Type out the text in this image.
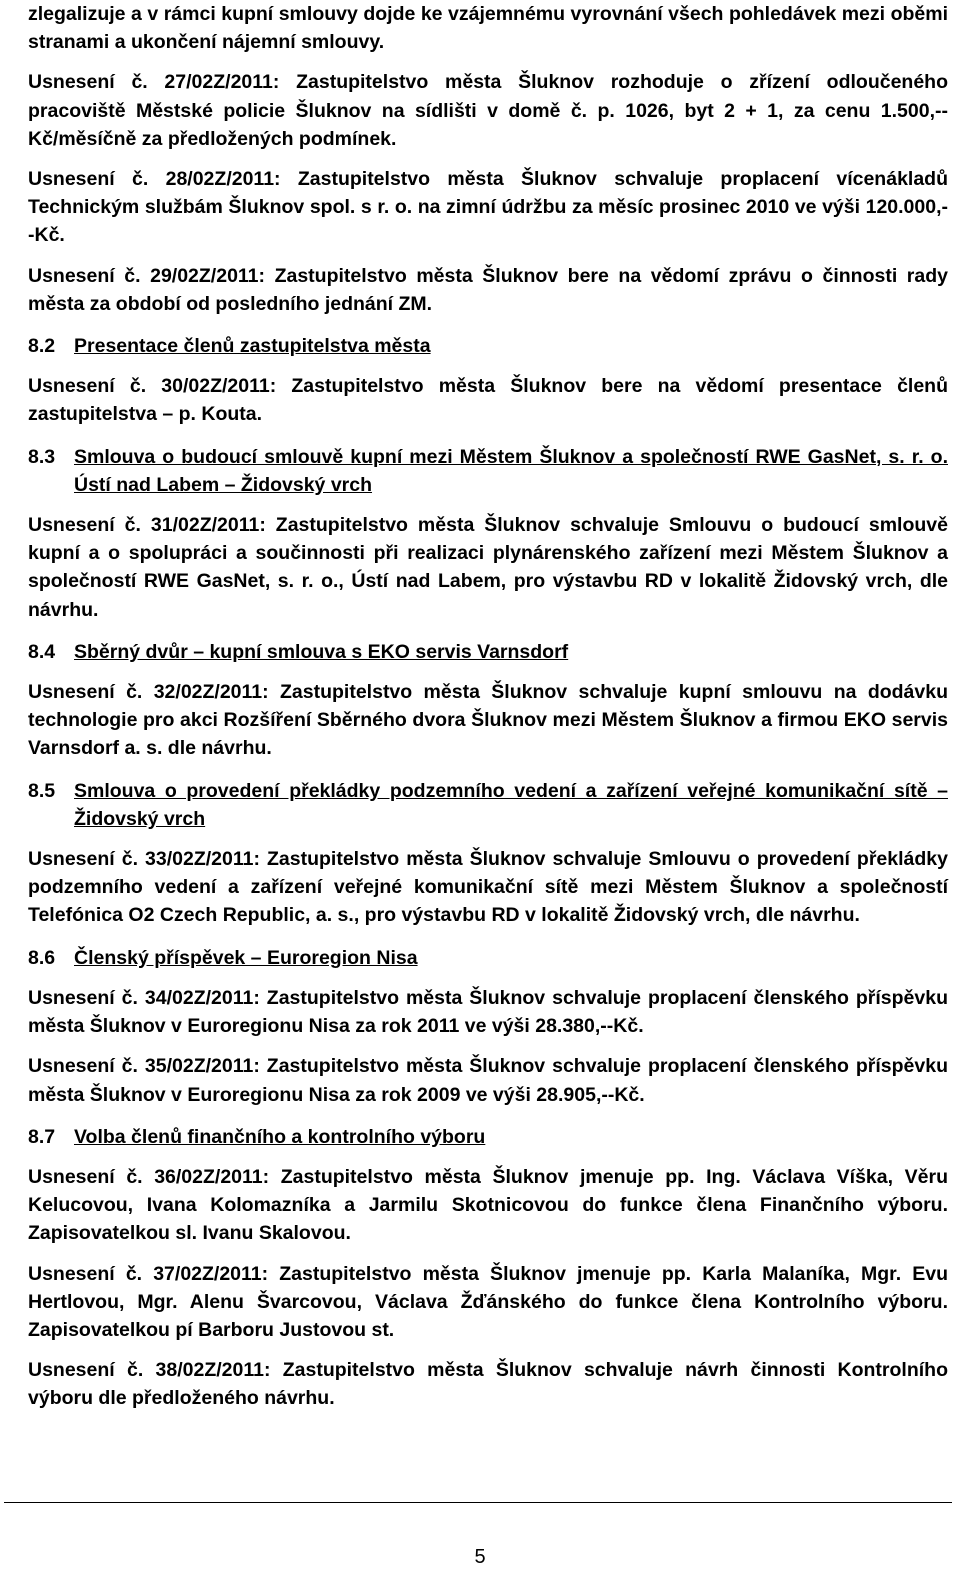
zlegalizuje a v rámci kupní smlouvy dojde ke vzájemnému vyrovnání všech pohledávek mezi oběmi stranami a ukončení nájemní smlouvy.

Usnesení č. 27/02Z/2011: Zastupitelstvo města Šluknov rozhoduje o zřízení odloučeného pracoviště Městské policie Šluknov na sídlišti v domě č. p. 1026, byt 2 + 1, za cenu 1.500,--Kč/měsíčně za předložených podmínek.

Usnesení č. 28/02Z/2011: Zastupitelstvo města Šluknov schvaluje proplacení vícenákladů Technickým službám Šluknov spol. s r. o. na zimní údržbu za měsíc prosinec 2010 ve výši 120.000,--Kč.

Usnesení č. 29/02Z/2011: Zastupitelstvo města Šluknov bere na vědomí zprávu o činnosti rady města za období od posledního jednání ZM.

8.2 Presentace členů zastupitelstva města

Usnesení č. 30/02Z/2011: Zastupitelstvo města Šluknov bere na vědomí presentace členů zastupitelstva – p. Kouta.

8.3 Smlouva o budoucí smlouvě kupní mezi Městem Šluknov a společností RWE GasNet, s. r. o. Ústí nad Labem – Židovský vrch

Usnesení č. 31/02Z/2011: Zastupitelstvo města Šluknov schvaluje Smlouvu o budoucí smlouvě kupní a o spolupráci a součinnosti při realizaci plynárenského zařízení mezi Městem Šluknov a společností RWE GasNet, s. r. o., Ústí nad Labem, pro výstavbu RD v lokalitě Židovský vrch, dle návrhu.

8.4 Sběrný dvůr – kupní smlouva s EKO servis Varnsdorf

Usnesení č. 32/02Z/2011: Zastupitelstvo města Šluknov schvaluje kupní smlouvu na dodávku technologie pro akci Rozšíření Sběrného dvora Šluknov mezi Městem Šluknov a firmou EKO servis Varnsdorf a. s. dle návrhu.

8.5 Smlouva o provedení překládky podzemního vedení a zařízení veřejné komunikační sítě – Židovský vrch

Usnesení č. 33/02Z/2011: Zastupitelstvo města Šluknov schvaluje Smlouvu o provedení překládky podzemního vedení a zařízení veřejné komunikační sítě mezi Městem Šluknov a společností Telefónica O2 Czech Republic, a. s., pro výstavbu RD v lokalitě Židovský vrch, dle návrhu.

8.6 Členský příspěvek – Euroregion Nisa

Usnesení č. 34/02Z/2011: Zastupitelstvo města Šluknov schvaluje proplacení členského příspěvku města Šluknov v Euroregionu Nisa za rok 2011 ve výši 28.380,--Kč.

Usnesení č. 35/02Z/2011: Zastupitelstvo města Šluknov schvaluje proplacení členského příspěvku města Šluknov v Euroregionu Nisa za rok 2009 ve výši 28.905,--Kč.

8.7 Volba členů finančního a kontrolního výboru

Usnesení č. 36/02Z/2011: Zastupitelstvo města Šluknov jmenuje pp. Ing. Václava Víška, Věru Kelucovou, Ivana Kolomazníka a Jarmilu Skotnicovou do funkce člena Finančního výboru. Zapisovatelkou sl. Ivanu Skalovou.

Usnesení č. 37/02Z/2011: Zastupitelstvo města Šluknov jmenuje pp. Karla Malaníka, Mgr. Evu Hertlovou, Mgr. Alenu Švarcovou, Václava Žďánského do funkce člena Kontrolního výboru. Zapisovatelkou pí Barboru Justovou st.

Usnesení č. 38/02Z/2011: Zastupitelstvo města Šluknov schvaluje návrh činnosti Kontrolního výboru dle předloženého návrhu.

5
